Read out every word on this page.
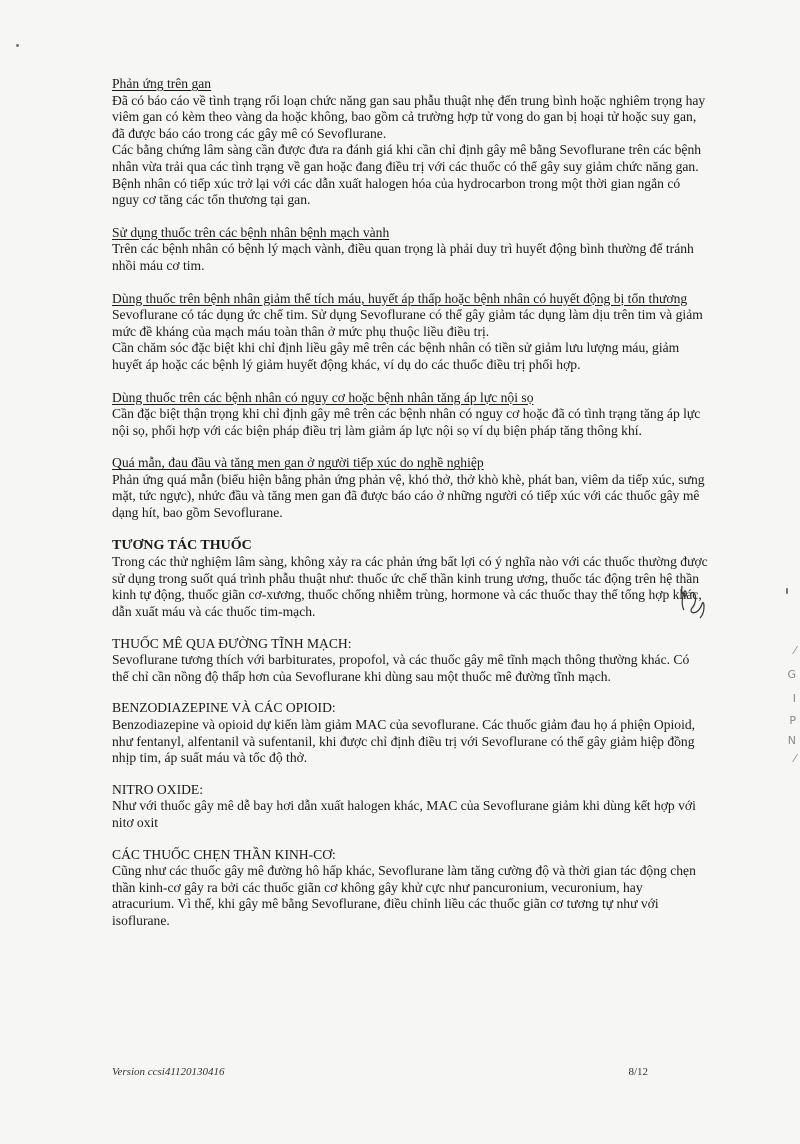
Phản ứng trên gan

Đã có báo cáo về tình trạng rối loạn chức năng gan sau phẫu thuật nhẹ đến trung bình hoặc nghiêm trọng hay viêm gan có kèm theo vàng da hoặc không, bao gồm cả trường hợp tử vong do gan bị hoại tử hoặc suy gan, đã được báo cáo trong các gây mê có Sevoflurane.

Các bằng chứng lâm sàng cần được đưa ra đánh giá khi cần chỉ định gây mê bằng Sevoflurane trên các bệnh nhân vừa trải qua các tình trạng về gan hoặc đang điều trị với các thuốc có thể gây suy giảm chức năng gan.

Bệnh nhân có tiếp xúc trở lại với các dẫn xuất halogen hóa của hydrocarbon trong một thời gian ngắn có nguy cơ tăng các tổn thương tại gan.

Sử dụng thuốc trên các bệnh nhân bệnh mạch vành

Trên các bệnh nhân có bệnh lý mạch vành, điều quan trọng là phải duy trì huyết động bình thường để tránh nhồi máu cơ tim.

Dùng thuốc trên bệnh nhân giảm thể tích máu, huyết áp thấp hoặc bệnh nhân có huyết động bị tổn thương

Sevoflurane có tác dụng ức chế tim. Sử dụng Sevoflurane có thể gây giảm tác dụng làm dịu trên tim và giảm mức đề kháng của mạch máu toàn thân ở mức phụ thuộc liều điều trị.

Cần chăm sóc đặc biệt khi chỉ định liều gây mê trên các bệnh nhân có tiền sử giảm lưu lượng máu, giảm huyết áp hoặc các bệnh lý giảm huyết động khác, ví dụ do các thuốc điều trị phối hợp.

Dùng thuốc trên các bệnh nhân có nguy cơ hoặc bệnh nhân tăng áp lực nội sọ

Cần đặc biệt thận trọng khi chỉ định gây mê trên các bệnh nhân có nguy cơ hoặc đã có tình trạng tăng áp lực nội sọ, phối hợp với các biện pháp điều trị làm giảm áp lực nội sọ ví dụ biện pháp tăng thông khí.

Quá mẫn, đau đầu và tăng men gan ở người tiếp xúc do nghề nghiệp

Phản ứng quá mẫn (biểu hiện bằng phản ứng phản vệ, khó thở, thở khò khè, phát ban, viêm da tiếp xúc, sưng mặt, tức ngực), nhức đầu và tăng men gan đã được báo cáo ở những người có tiếp xúc với các thuốc gây mê dạng hít, bao gồm Sevoflurane.

TƯƠNG TÁC THUỐC

Trong các thử nghiệm lâm sàng, không xảy ra các phản ứng bất lợi có ý nghĩa nào với các thuốc thường được sử dụng trong suốt quá trình phẫu thuật như: thuốc ức chế thần kinh trung ương, thuốc tác động trên hệ thần kinh tự động, thuốc giãn cơ-xương, thuốc chống nhiễm trùng, hormone và các thuốc thay thế tổng hợp khác, dẫn xuất máu và các thuốc tim-mạch.

THUỐC MÊ QUA ĐƯỜNG TĨNH MẠCH:

Sevoflurane tương thích với barbiturates, propofol, và các thuốc gây mê tĩnh mạch thông thường khác. Có thể chỉ cần nồng độ thấp hơn của Sevoflurane khi dùng sau một thuốc mê đường tĩnh mạch.

BENZODIAZEPINE VÀ CÁC OPIOID:

Benzodiazepine và opioid dự kiến làm giảm MAC của sevoflurane. Các thuốc giảm đau họ á phiện Opioid, như fentanyl, alfentanil và sufentanil, khi được chỉ định điều trị với Sevoflurane có thể gây giảm hiệp đồng nhịp tim, áp suất máu và tốc độ thở.

NITRO OXIDE:

Như với thuốc gây mê dễ bay hơi dẫn xuất halogen khác, MAC của Sevoflurane giảm khi dùng kết hợp với nitơ oxit

CÁC THUỐC CHẸN THẦN KINH-CƠ:

Cũng như các thuốc gây mê đường hô hấp khác, Sevoflurane làm tăng cường độ và thời gian tác động chẹn thần kinh-cơ gây ra bởi các thuốc giãn cơ không gây khử cực như pancuronium, vecuronium, hay atracurium. Vì thế, khi gây mê bằng Sevoflurane, điều chỉnh liều các thuốc giãn cơ tương tự như với isoflurane.

⁄
G
I
P
N
⁄
Version ccsi41120130416	8/12
